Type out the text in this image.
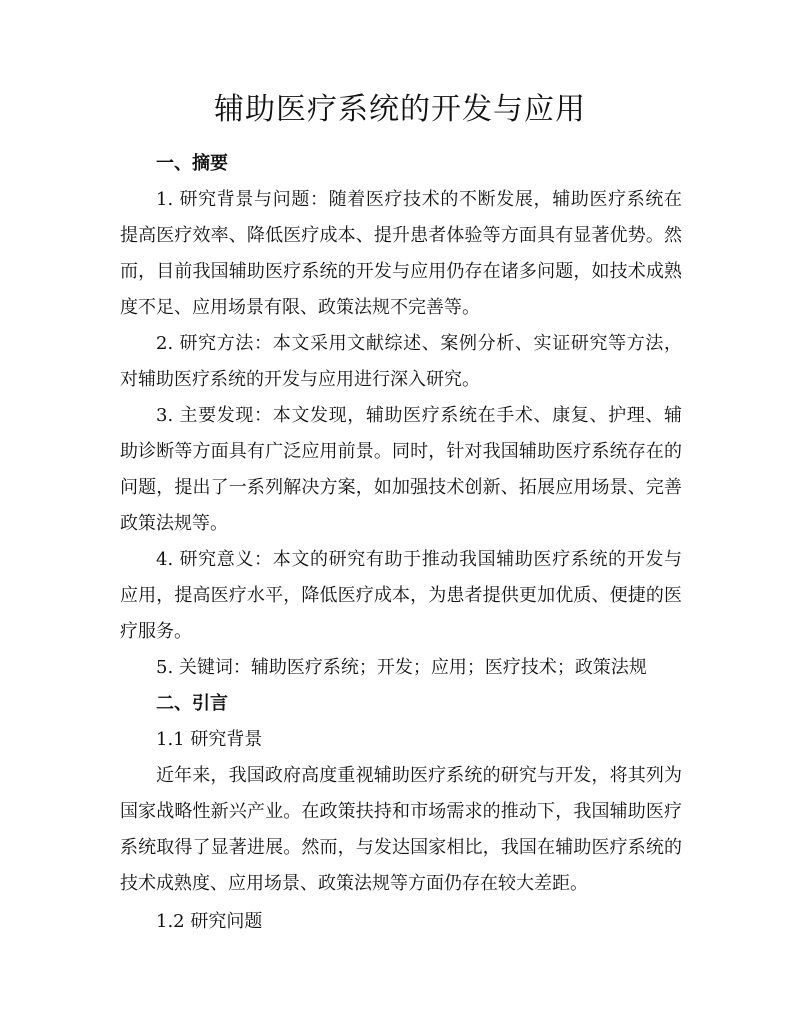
辅助医疗系统的开发与应用
一、摘要

1. 研究背景与问题：随着医疗技术的不断发展，辅助医疗系统在提高医疗效率、降低医疗成本、提升患者体验等方面具有显著优势。然而，目前我国辅助医疗系统的开发与应用仍存在诸多问题，如技术成熟度不足、应用场景有限、政策法规不完善等。

2. 研究方法：本文采用文献综述、案例分析、实证研究等方法，对辅助医疗系统的开发与应用进行深入研究。

3. 主要发现：本文发现，辅助医疗系统在手术、康复、护理、辅助诊断等方面具有广泛应用前景。同时，针对我国辅助医疗系统存在的问题，提出了一系列解决方案，如加强技术创新、拓展应用场景、完善政策法规等。

4. 研究意义：本文的研究有助于推动我国辅助医疗系统的开发与应用，提高医疗水平，降低医疗成本，为患者提供更加优质、便捷的医疗服务。

5. 关键词：辅助医疗系统；开发；应用；医疗技术；政策法规

二、引言

1.1 研究背景

近年来，我国政府高度重视辅助医疗系统的研究与开发，将其列为国家战略性新兴产业。在政策扶持和市场需求的推动下，我国辅助医疗系统取得了显著进展。然而，与发达国家相比，我国在辅助医疗系统的技术成熟度、应用场景、政策法规等方面仍存在较大差距。

1.2 研究问题
